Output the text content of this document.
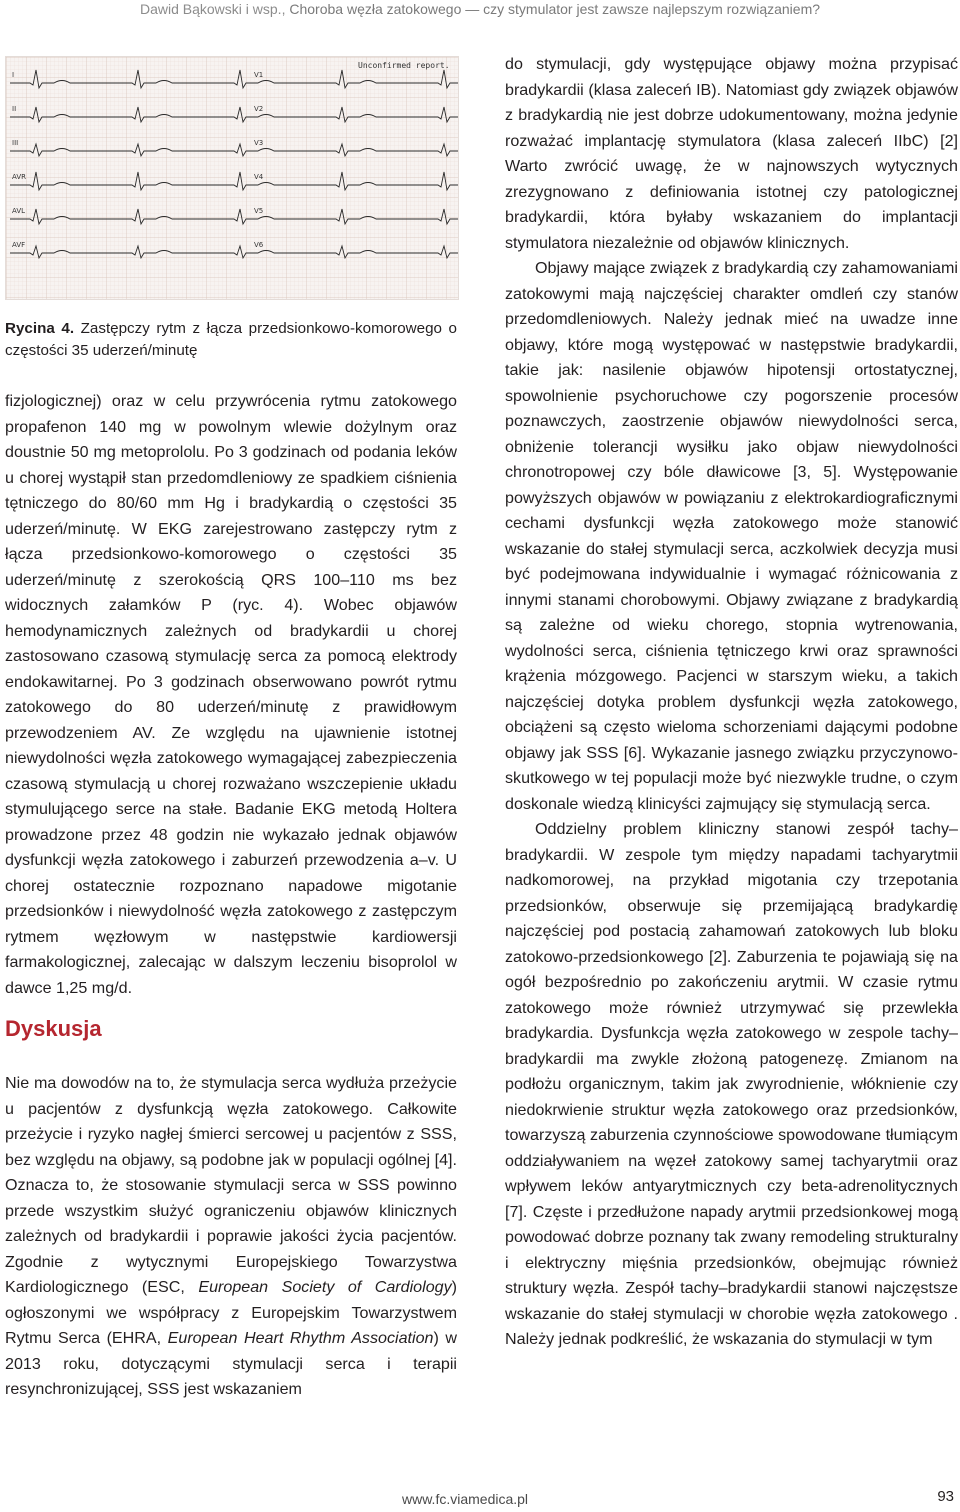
Dawid Bąkowski i wsp., Choroba węzła zatokowego — czy stymulator jest zawsze najlepszym rozwiązaniem?
Unconfirmed report.
I	V1
II	V2
III	V3
AVR	V4
AVL	V5
AVF	V6
Rycina 4. Zastępczy rytm z łącza przedsionkowo-komorowego o częstości 35 uderzeń/minutę

fizjologicznej) oraz w celu przywrócenia rytmu zatokowego propafenon 140 mg w powolnym wlewie dożylnym oraz doustnie 50 mg metoprololu. Po 3 godzinach od podania leków u chorej wystąpił stan przedomdleniowy ze spadkiem ciśnienia tętniczego do 80/60 mm Hg i bradykardią o częstości 35 uderzeń/minutę. W EKG zarejestrowano zastępczy rytm z łącza przedsionkowo-komorowego o częstości 35 uderzeń/minutę z szerokością QRS 100–110 ms bez widocznych załamków P (ryc. 4). Wobec objawów hemodynamicznych zależnych od bradykardii u chorej zastosowano czasową stymulację serca za pomocą elektrody endokawitarnej. Po 3 godzinach obserwowano powrót rytmu zatokowego do 80 uderzeń/minutę z prawidłowym przewodzeniem AV. Ze względu na ujawnienie istotnej niewydolności węzła zatokowego wymagającej zabezpieczenia czasową stymulacją u chorej rozważano wszczepienie układu stymulującego serce na stałe. Badanie EKG metodą Holtera prowadzone przez 48 godzin nie wykazało jednak objawów dysfunkcji węzła zatokowego i zaburzeń przewodzenia a–v. U chorej ostatecznie rozpoznano napadowe migotanie przedsionków i niewydolność węzła zatokowego z zastępczym rytmem węzłowym w następstwie kardiowersji farmakologicznej, zalecając w dalszym leczeniu bisoprolol w dawce 1,25 mg/d.

Dyskusja

Nie ma dowodów na to, że stymulacja serca wydłuża przeżycie u pacjentów z dysfunkcją węzła zatokowego. Całkowite przeżycie i ryzyko nagłej śmierci sercowej u pacjentów z SSS, bez względu na objawy, są podobne jak w populacji ogólnej [4]. Oznacza to, że stosowanie stymulacji serca w SSS powinno przede wszystkim służyć ograniczeniu objawów klinicznych zależnych od bradykardii i poprawie jakości życia pacjentów. Zgodnie z wytycznymi Europejskiego Towarzystwa Kardiologicznego (ESC, European Society of Cardiology) ogłoszonymi we współpracy z Europejskim Towarzystwem Rytmu Serca (EHRA, European Heart Rhythm Association) w 2013 roku, dotyczącymi stymulacji serca i terapii resynchronizującej, SSS jest wskazaniem

do stymulacji, gdy występujące objawy można przypisać bradykardii (klasa zaleceń IB). Natomiast gdy związek objawów z bradykardią nie jest dobrze udokumentowany, można jedynie rozważać implantację stymulatora (klasa zaleceń IIbC) [2] Warto zwrócić uwagę, że w najnowszych wytycznych zrezygnowano z definiowania istotnej czy patologicznej bradykardii, która byłaby wskazaniem do implantacji stymulatora niezależnie od objawów klinicznych.

Objawy mające związek z bradykardią czy zahamowaniami zatokowymi mają najczęściej charakter omdleń czy stanów przedomdleniowych. Należy jednak mieć na uwadze inne objawy, które mogą występować w następstwie bradykardii, takie jak: nasilenie objawów hipotensji ortostatycznej, spowolnienie psychoruchowe czy pogorszenie procesów poznawczych, zaostrzenie objawów niewydolności serca, obniżenie tolerancji wysiłku jako objaw niewydolności chronotropowej czy bóle dławicowe [3, 5]. Występowanie powyższych objawów w powiązaniu z elektrokardiograficznymi cechami dysfunkcji węzła zatokowego może stanowić wskazanie do stałej stymulacji serca, aczkolwiek decyzja musi być podejmowana indywidualnie i wymagać różnicowania z innymi stanami chorobowymi. Objawy związane z bradykardią są zależne od wieku chorego, stopnia wytrenowania, wydolności serca, ciśnienia tętniczego krwi oraz sprawności krążenia mózgowego. Pacjenci w starszym wieku, a takich najczęściej dotyka problem dysfunkcji węzła zatokowego, obciążeni są często wieloma schorzeniami dającymi podobne objawy jak SSS [6]. Wykazanie jasnego związku przyczynowo-skutkowego w tej populacji może być niezwykle trudne, o czym doskonale wiedzą klinicyści zajmujący się stymulacją serca.

Oddzielny problem kliniczny stanowi zespół tachy–bradykardii. W zespole tym między napadami tachyarytmii nadkomorowej, na przykład migotania czy trzepotania przedsionków, obserwuje się przemijającą bradykardię najczęściej pod postacią zahamowań zatokowych lub bloku zatokowo-przedsionkowego [2]. Zaburzenia te pojawiają się na ogół bezpośrednio po zakończeniu arytmii. W czasie rytmu zatokowego może również utrzymywać się przewlekła bradykardia. Dysfunkcja węzła zatokowego w zespole tachy–bradykardii ma zwykle złożoną patogenezę. Zmianom na podłożu organicznym, takim jak zwyrodnienie, włóknienie czy niedokrwienie struktur węzła zatokowego oraz przedsionków, towarzyszą zaburzenia czynnościowe spowodowane tłumiącym oddziaływaniem na węzeł zatokowy samej tachyarytmii oraz wpływem leków antyarytmicznych czy beta-adrenolitycznych [7]. Częste i przedłużone napady arytmii przedsionkowej mogą powodować dobrze poznany tak zwany remodeling strukturalny i elektryczny mięśnia przedsionków, obejmując również struktury węzła. Zespół tachy–bradykardii stanowi najczęstsze wskazanie do stałej stymulacji w chorobie węzła zatokowego . Należy jednak podkreślić, że wskazania do stymulacji w tym

www.fc.viamedica.pl	93
